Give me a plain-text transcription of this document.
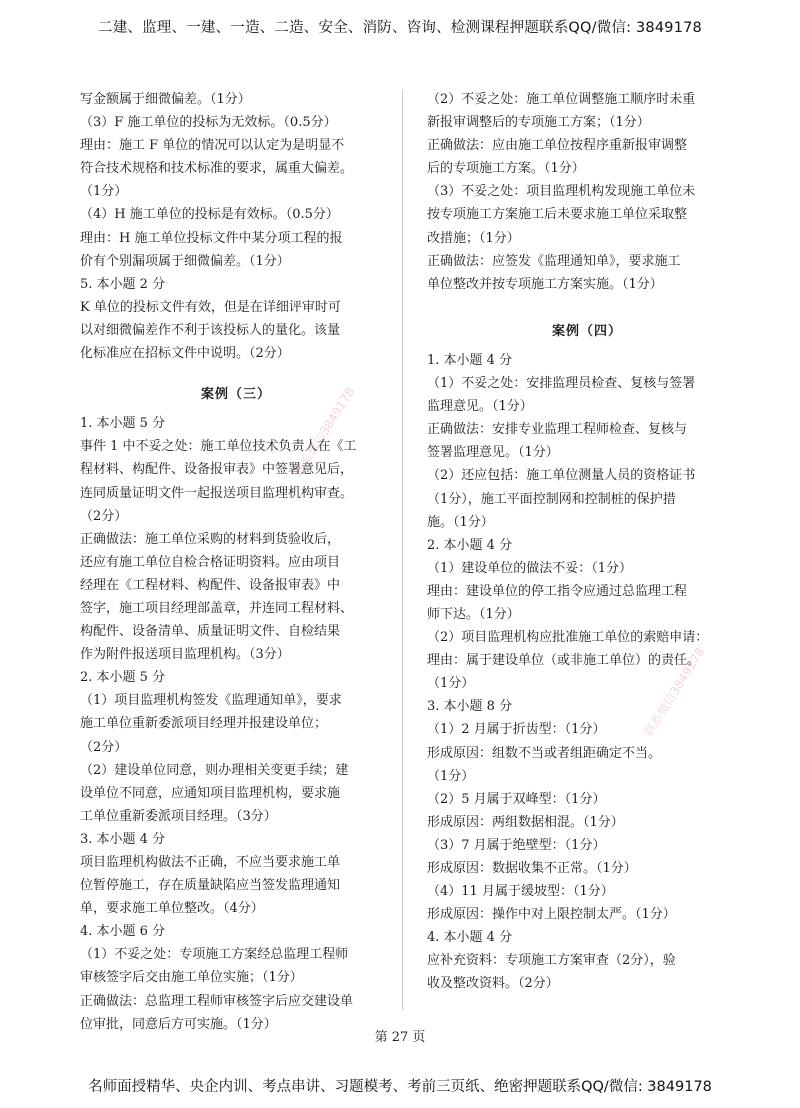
二建、监理、一建、一造、二造、安全、消防、咨询、检测课程押题联系QQ/微信: 3849178

写金额属于细微偏差。（1分）

（3）F 施工单位的投标为无效标。（0.5分）

理由：施工 F 单位的情况可以认定为是明显不

符合技术规格和技术标准的要求，属重大偏差。

（1分）

（4）H 施工单位的投标是有效标。（0.5分）

理由：H 施工单位投标文件中某分项工程的报

价有个别漏项属于细微偏差。（1分）

5. 本小题 2 分

K 单位的投标文件有效，但是在详细评审时可

以对细微偏差作不利于该投标人的量化。该量

化标准应在招标文件中说明。（2分）

案例（三）

1. 本小题 5 分

事件 1 中不妥之处：施工单位技术负责人在《工

程材料、构配件、设备报审表》中签署意见后，

连同质量证明文件一起报送项目监理机构审查。

（2分）

正确做法：施工单位采购的材料到货验收后，

还应有施工单位自检合格证明资料。应由项目

经理在《工程材料、构配件、设备报审表》中

签字，施工项目经理部盖章，并连同工程材料、

构配件、设备清单、质量证明文件、自检结果

作为附件报送项目监理机构。（3分）

2. 本小题 5 分

（1）项目监理机构签发《监理通知单》，要求

施工单位重新委派项目经理并报建设单位；

（2分）

（2）建设单位同意，则办理相关变更手续；建

设单位不同意，应通知项目监理机构，要求施

工单位重新委派项目经理。（3分）

3. 本小题 4 分

项目监理机构做法不正确，不应当要求施工单

位暂停施工，存在质量缺陷应当签发监理通知

单，要求施工单位整改。（4分）

4. 本小题 6 分

（1）不妥之处：专项施工方案经总监理工程师

审核签字后交由施工单位实施；（1分）

正确做法：总监理工程师审核签字后应交建设单

位审批，同意后方可实施。（1分）

（2）不妥之处：施工单位调整施工顺序时未重

新报审调整后的专项施工方案；（1分）

正确做法：应由施工单位按程序重新报审调整

后的专项施工方案。（1分）

（3）不妥之处：项目监理机构发现施工单位未

按专项施工方案施工后未要求施工单位采取整

改措施；（1分）

正确做法：应签发《监理通知单》，要求施工

单位整改并按专项施工方案实施。（1分）

案例（四）

1. 本小题 4 分

（1）不妥之处：安排监理员检查、复核与签署

监理意见。（1分）

正确做法：安排专业监理工程师检查、复核与

签署监理意见。（1分）

（2）还应包括：施工单位测量人员的资格证书

（1分），施工平面控制网和控制桩的保护措

施。（1分）

2. 本小题 4 分

（1）建设单位的做法不妥：（1分）

理由：建设单位的停工指令应通过总监理工程

师下达。（1分）

（2）项目监理机构应批准施工单位的索赔申请：

理由：属于建设单位（或非施工单位）的责任。

（1分）

3. 本小题 8 分

（1）2 月属于折齿型：（1分）

形成原因：组数不当或者组距确定不当。

（1分）

（2）5 月属于双峰型：（1分）

形成原因：两组数据相混。（1分）

（3）7 月属于绝壁型：（1分）

形成原因：数据收集不正常。（1分）

（4）11 月属于缓坡型：（1分）

形成原因：操作中对上限控制太严。（1分）

4. 本小题 4 分

应补充资料：专项施工方案审查（2分），验

收及整改资料。（2分）

联系微信3849178
联系微信3849178
第 27 页
名师面授精华、央企内训、考点串讲、习题模考、考前三页纸、绝密押题联系QQ/微信: 3849178
